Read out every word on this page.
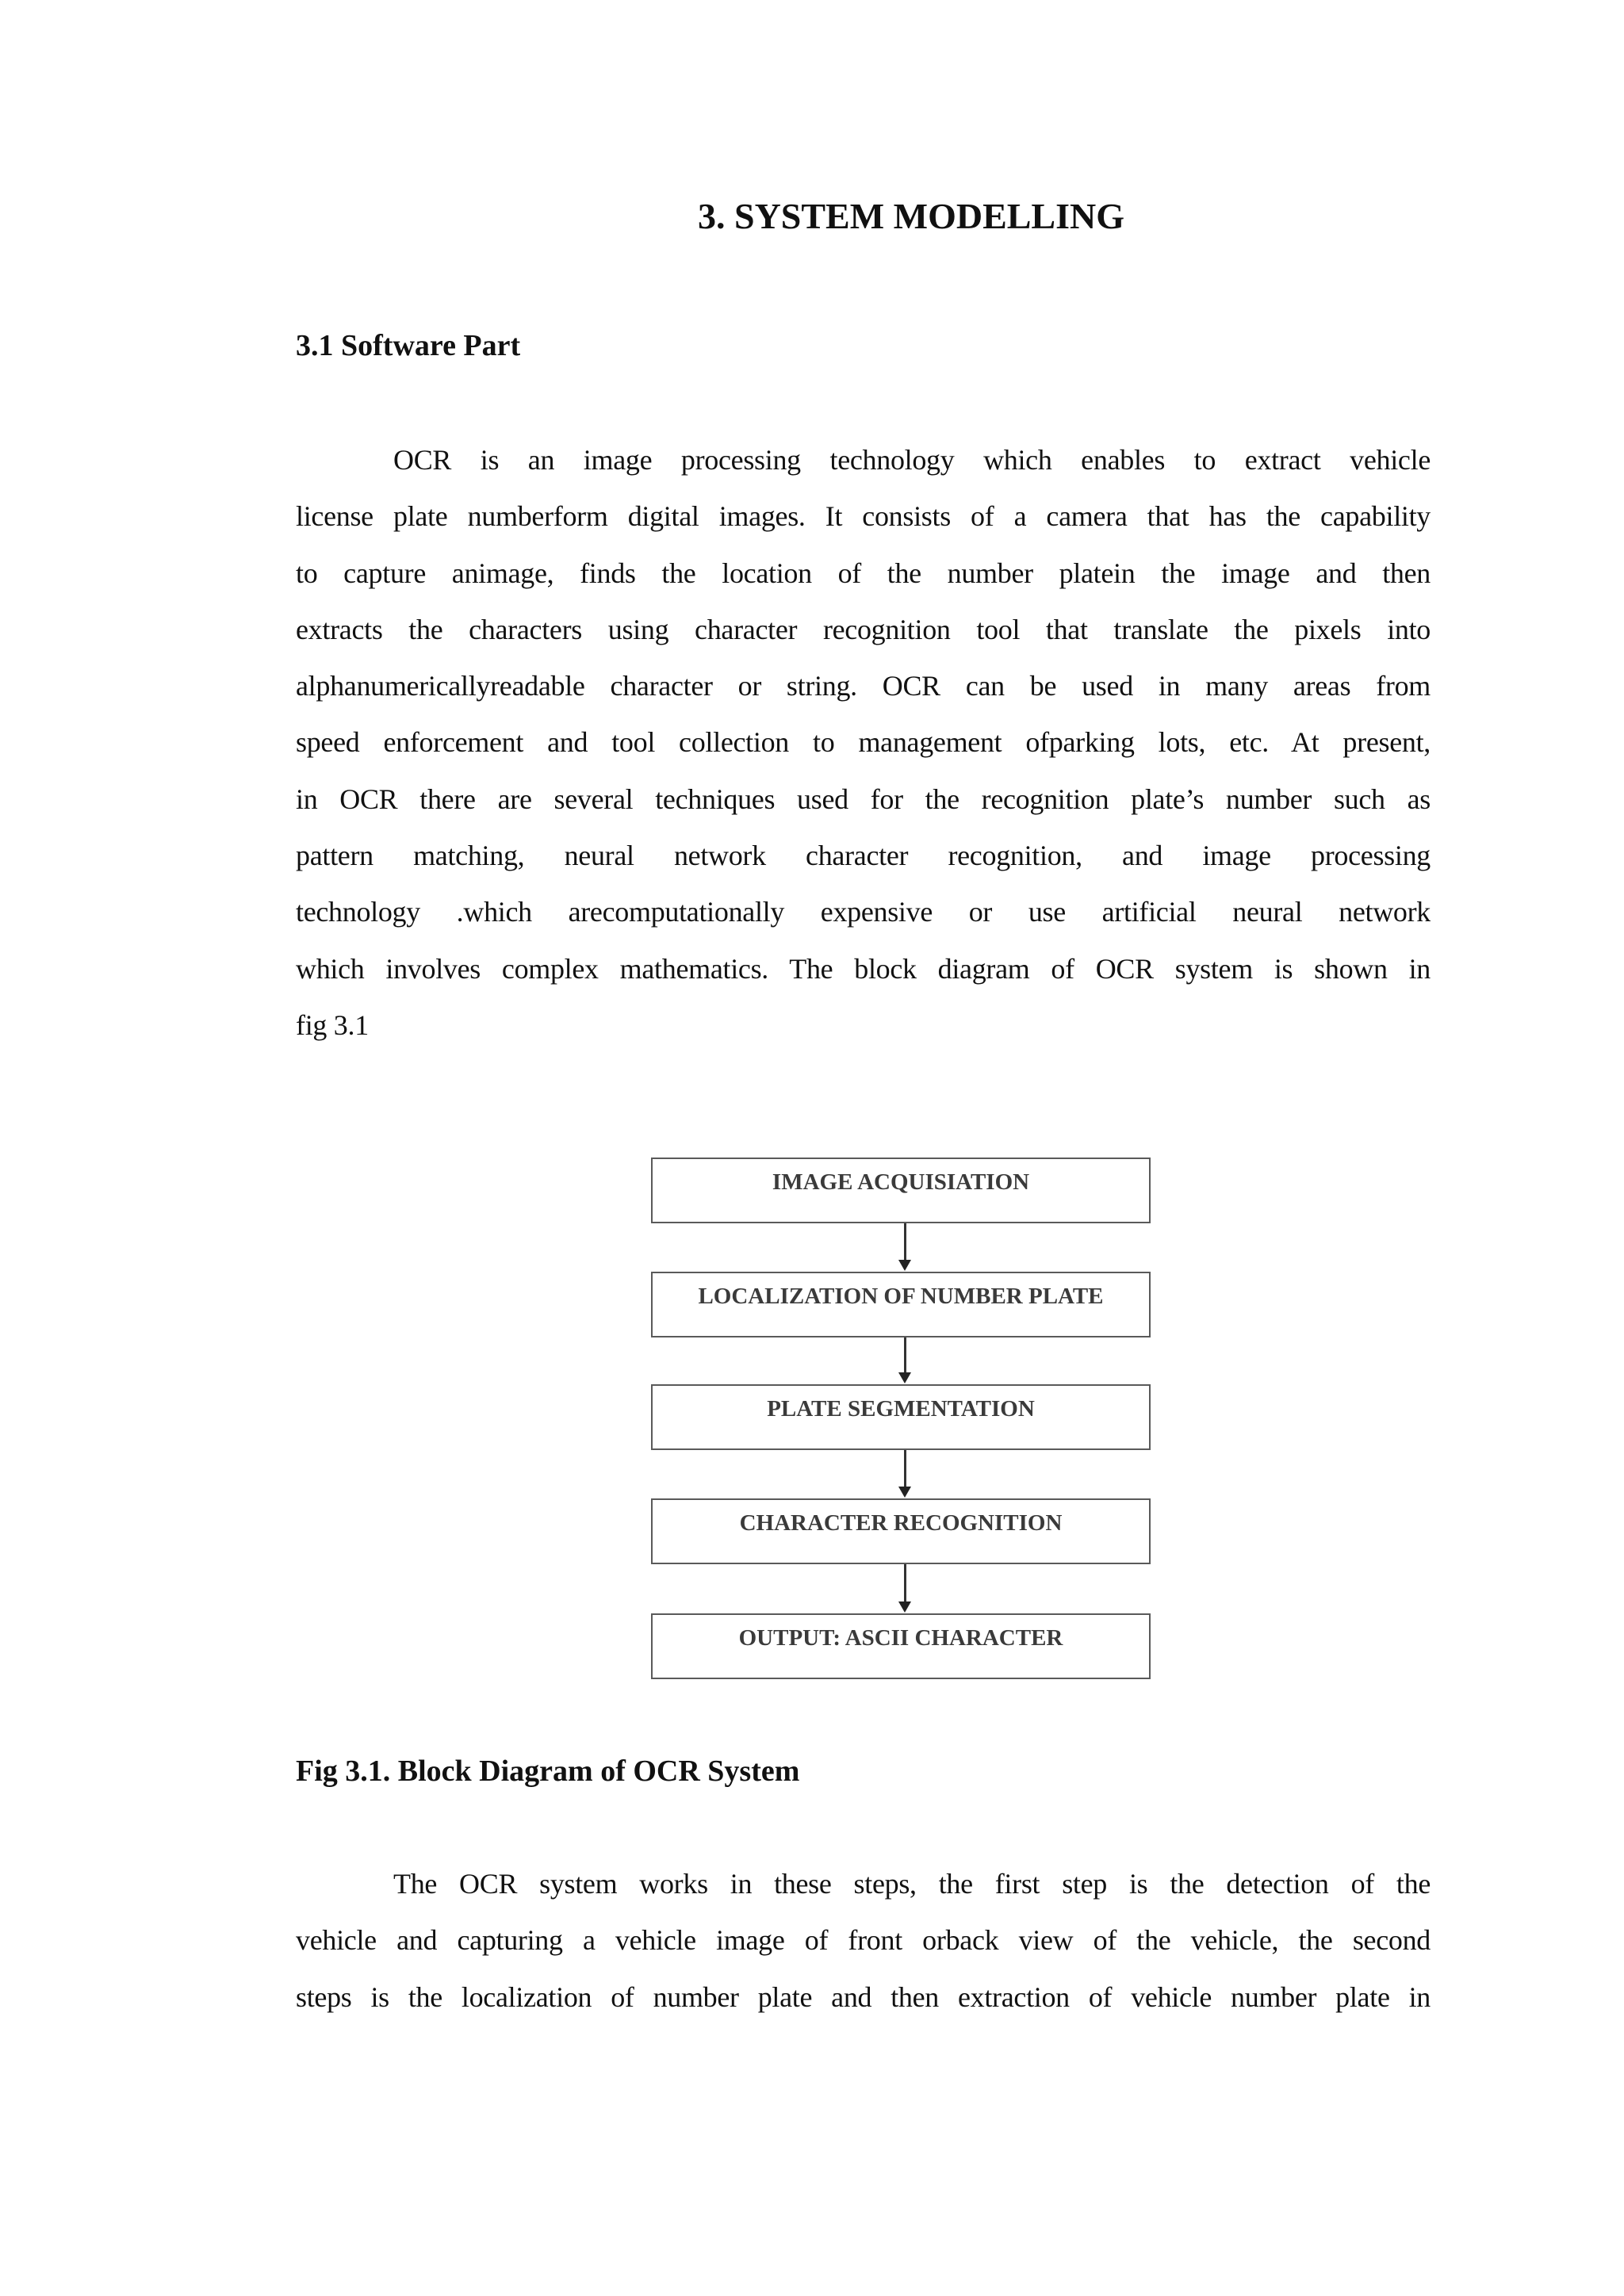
3. SYSTEM MODELLING
3.1 Software Part
OCR is an image processing technology which enables to extract vehicle
license plate numberform digital images. It consists of a camera that has the capability
to capture animage, finds the location of the number platein the image and then
extracts the characters using character recognition tool that translate the pixels into
alphanumericallyreadable character or string. OCR can be used in many areas from
speed enforcement and tool collection to management ofparking lots, etc. At present,
in OCR there are several techniques used for the recognition plate’s number such as
pattern matching, neural network character recognition, and image processing
technology .which arecomputationally expensive or use artificial neural network
which involves complex mathematics. The block diagram of OCR system is shown in
fig 3.1
IMAGE ACQUISIATION
LOCALIZATION OF NUMBER PLATE
PLATE SEGMENTATION
CHARACTER RECOGNITION
OUTPUT: ASCII CHARACTER
Fig 3.1. Block Diagram of OCR System
The OCR system works in these steps, the first step is the detection of the
vehicle and capturing a vehicle image of front orback view of the vehicle, the second
steps is the localization of number plate and then extraction of vehicle number plate in
